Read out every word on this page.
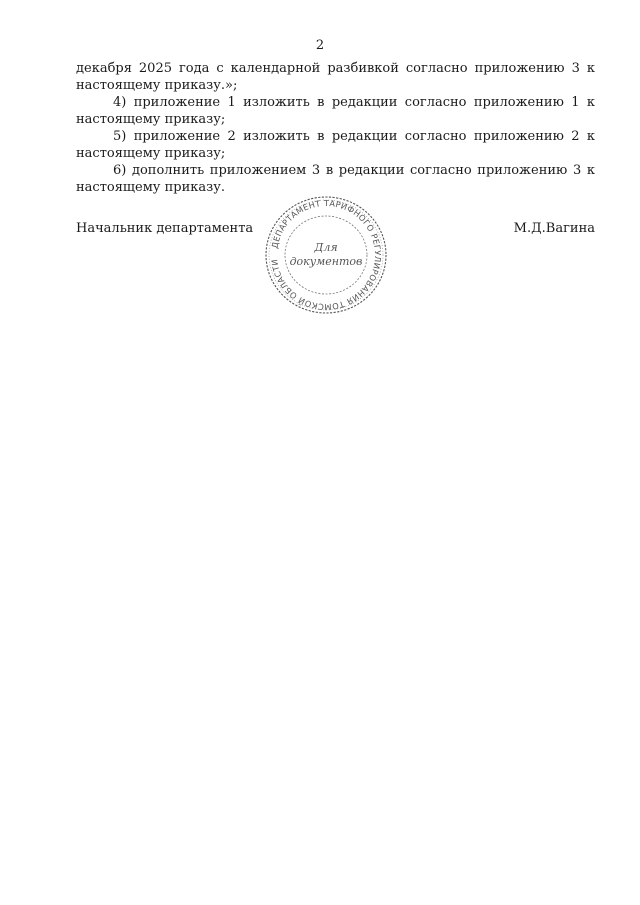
2

декабря 2025 года с календарной разбивкой согласно приложению 3 к настоящему приказу.»;

4) приложение 1 изложить в редакции согласно приложению 1 к настоящему приказу;

5) приложение 2 изложить в редакции согласно приложению 2 к настоящему приказу;

6) дополнить приложением 3 в редакции согласно приложению 3 к настоящему приказу.

Начальник департамента	М.Д.Вагина
ДЕПАРТАМЕНТ ТАРИФНОГО РЕГУЛИРОВАНИЯ ТОМСКОЙ ОБЛАСТИ
Для
документов
